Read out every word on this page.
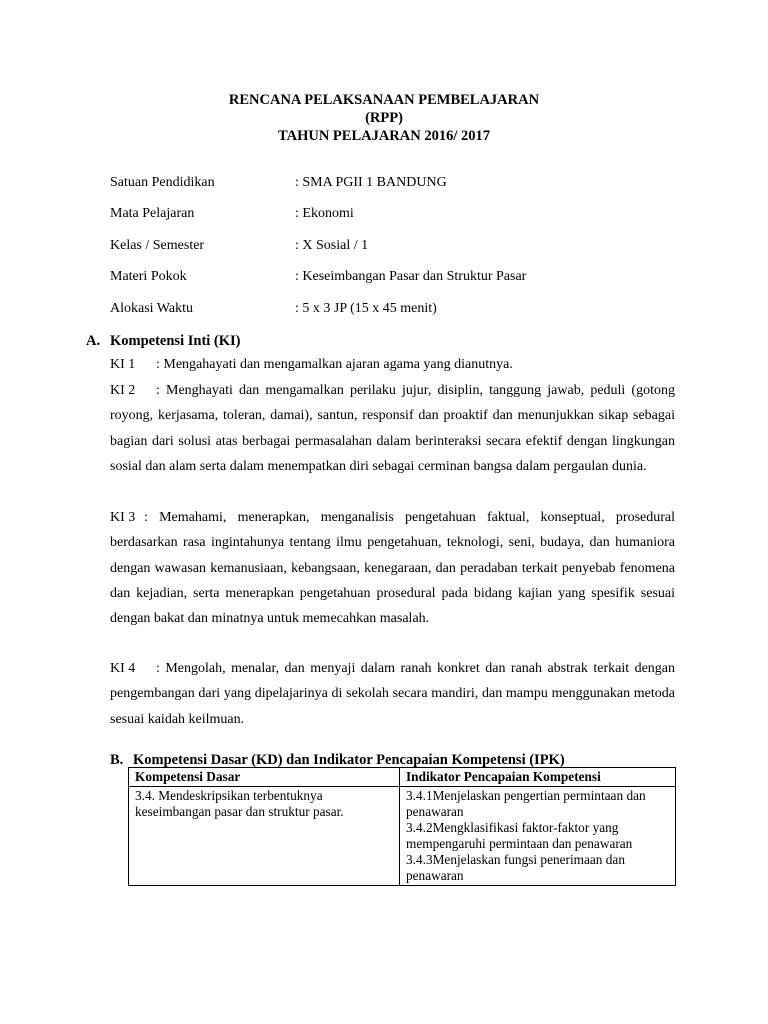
RENCANA PELAKSANAAN PEMBELAJARAN
(RPP)
TAHUN PELAJARAN 2016/ 2017
Satuan Pendidikan	: SMA PGII 1 BANDUNG
Mata Pelajaran	: Ekonomi
Kelas / Semester	: X Sosial / 1
Materi Pokok	: Keseimbangan Pasar dan Struktur Pasar
Alokasi Waktu	: 5 x 3 JP (15 x 45 menit)
A. Kompetensi Inti (KI)
KI 1 : Mengahayati dan mengamalkan ajaran agama yang dianutnya.
KI 2 : Menghayati dan mengamalkan perilaku jujur, disiplin, tanggung jawab, peduli (gotong royong, kerjasama, toleran, damai), santun, responsif dan proaktif dan menunjukkan sikap sebagai bagian dari solusi atas berbagai permasalahan dalam berinteraksi secara efektif dengan lingkungan sosial dan alam serta dalam menempatkan diri sebagai cerminan bangsa dalam pergaulan dunia.
KI 3 : Memahami, menerapkan, menganalisis pengetahuan faktual, konseptual, prosedural berdasarkan rasa ingintahunya tentang ilmu pengetahuan, teknologi, seni, budaya, dan humaniora dengan wawasan kemanusiaan, kebangsaan, kenegaraan, dan peradaban terkait penyebab fenomena dan kejadian, serta menerapkan pengetahuan prosedural pada bidang kajian yang spesifik sesuai dengan bakat dan minatnya untuk memecahkan masalah.
KI 4 : Mengolah, menalar, dan menyaji dalam ranah konkret dan ranah abstrak terkait dengan pengembangan dari yang dipelajarinya di sekolah secara mandiri, dan mampu menggunakan metoda sesuai kaidah keilmuan.
B. Kompetensi Dasar (KD) dan Indikator Pencapaian Kompetensi (IPK)
Kompetensi Dasar	Indikator Pencapaian Kompetensi
3.4. Mendeskripsikan terbentuknya keseimbangan pasar dan struktur pasar.	3.4.1Menjelaskan pengertian permintaan dan penawaran
3.4.2Mengklasifikasi faktor-faktor yang mempengaruhi permintaan dan penawaran
3.4.3Menjelaskan fungsi penerimaan dan penawaran
